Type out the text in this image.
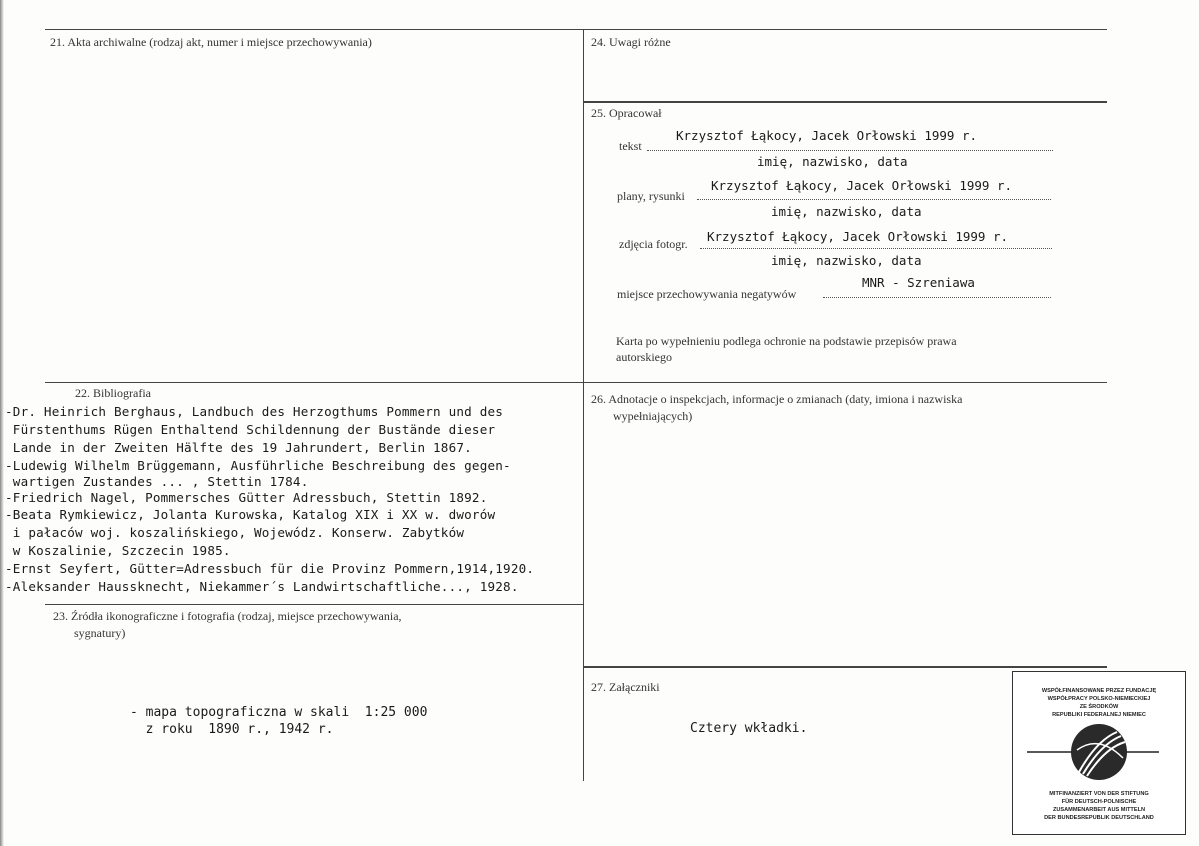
21. Akta archiwalne (rodzaj akt, numer i miejsce przechowywania)	24. Uwagi różne
25. Opracował
tekst
Krzysztof Łąkocy, Jacek Orłowski 1999 r.
imię, nazwisko, data
plany, rysunki
Krzysztof Łąkocy, Jacek Orłowski 1999 r.
imię, nazwisko, data
zdjęcia fotogr. Krzysztof Łąkocy, Jacek Orłowski 1999 r.
imię, nazwisko, data
miejsce przechowywania negatywów
MNR - Szreniawa
Karta po wypełnieniu podlega ochronie na podstawie przepisów prawa
autorskiego
22. Bibliografia
-Dr. Heinrich Berghaus, Landbuch des Herzogthums Pommern und des
Fürstenthums Rügen Enthaltend Schildennung der Bustände dieser
Lande in der Zweiten Hälfte des 19 Jahrundert, Berlin 1867.
-Ludewig Wilhelm Brüggemann, Ausführliche Beschreibung des gegen-
wartigen Zustandes ... , Stettin 1784.
-Friedrich Nagel, Pommersches Gütter Adressbuch, Stettin 1892.
-Beata Rymkiewicz, Jolanta Kurowska, Katalog XIX i XX w. dworów
i pałaców woj. koszalińskiego, Wojewódz. Konserw. Zabytków
w Koszalinie, Szczecin 1985.
-Ernst Seyfert, Gütter=Adressbuch für die Provinz Pommern,1914,1920.
-Aleksander Haussknecht, Niekammer´s Landwirtschaftliche..., 1928.
26. Adnotacje o inspekcjach, informacje o zmianach (daty, imiona i nazwiska
wypełniających)
23. Źródła ikonograficzne i fotografia (rodzaj, miejsce przechowywania,
sygnatury)
- mapa topograficzna w skali  1:25 000
z roku  1890 r., 1942 r.
27. Załączniki
Cztery wkładki.
WSPÓŁFINANSOWANE PRZEZ FUNDACJĘ
WSPÓŁPRACY POLSKO-NIEMIECKIEJ
ZE ŚRODKÓW
REPUBLIKI FEDERALNEJ NIEMIEC
MITFINANZIERT VON DER STIFTUNG
FÜR DEUTSCH-POLNISCHE
ZUSAMMENARBEIT AUS MITTELN
DER BUNDESREPUBLIK DEUTSCHLAND
